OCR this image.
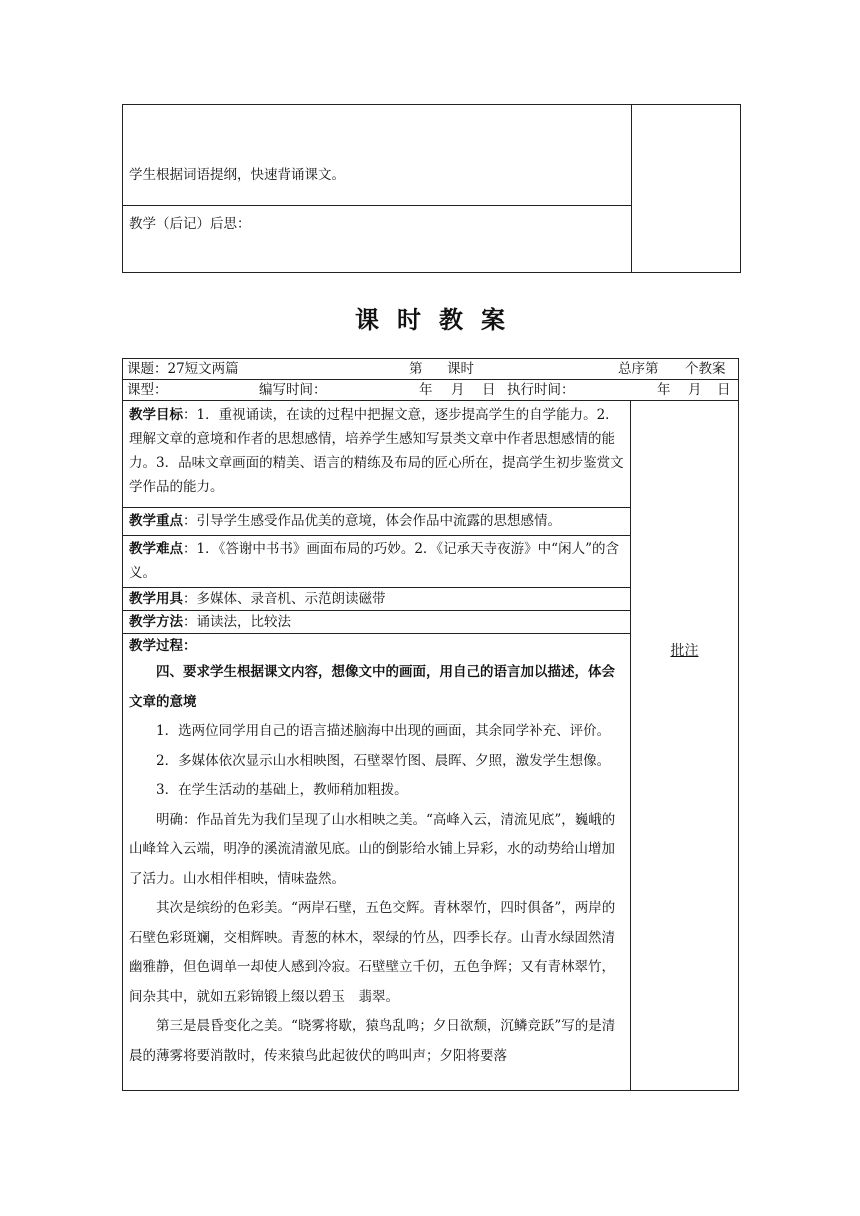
学生根据词语提纲，快速背诵课文。

教学（后记）后思：
课时教案
课题：27短文两篇	第 课时	总序第 个教案

课型：	编写时间：	年 月 日 执行时间：	年 月 日

教学目标：1．重视诵读，在读的过程中把握文意，逐步提高学生的自学能力。2．理解文章的意境和作者的思想感情，培养学生感知写景类文章中作者思想感情的能力。3．品味文章画面的精美、语言的精练及布局的匠心所在，提高学生初步鉴赏文学作品的能力。	批注
教学重点：引导学生感受作品优美的意境，体会作品中流露的思想感情。
教学难点：1．《答谢中书书》画面布局的巧妙。2．《记承天寺夜游》中“闲人”的含义。
教学用具：多媒体、录音机、示范朗读磁带
教学方法：诵读法，比较法

教学过程：

四、要求学生根据课文内容，想像文中的画面，用自己的语言加以描述，体会文章的意境

1．选两位同学用自己的语言描述脑海中出现的画面，其余同学补充、评价。

2．多媒体依次显示山水相映图，石壁翠竹图、晨晖、夕照，激发学生想像。

3．在学生活动的基础上，教师稍加粗拨。

明确：作品首先为我们呈现了山水相映之美。“高峰入云，清流见底”，巍峨的山峰耸入云端，明净的溪流清澈见底。山的倒影给水铺上异彩，水的动势给山增加了活力。山水相伴相映，情味盎然。

其次是缤纷的色彩美。“两岸石壁，五色交辉。青林翠竹，四时俱备”，两岸的石壁色彩斑斓，交相辉映。青葱的林木，翠绿的竹丛，四季长存。山青水绿固然清幽雅静，但色调单一却使人感到冷寂。石壁壁立千仞，五色争辉；又有青林翠竹，间杂其中，就如五彩锦锻上缀以碧玉　翡翠。

第三是晨昏变化之美。“晓雾将歇，猿鸟乱鸣；夕日欲颓，沉鳞竞跃”写的是清晨的薄雾将要消散时，传来猿鸟此起彼伏的鸣叫声；夕阳将要落
